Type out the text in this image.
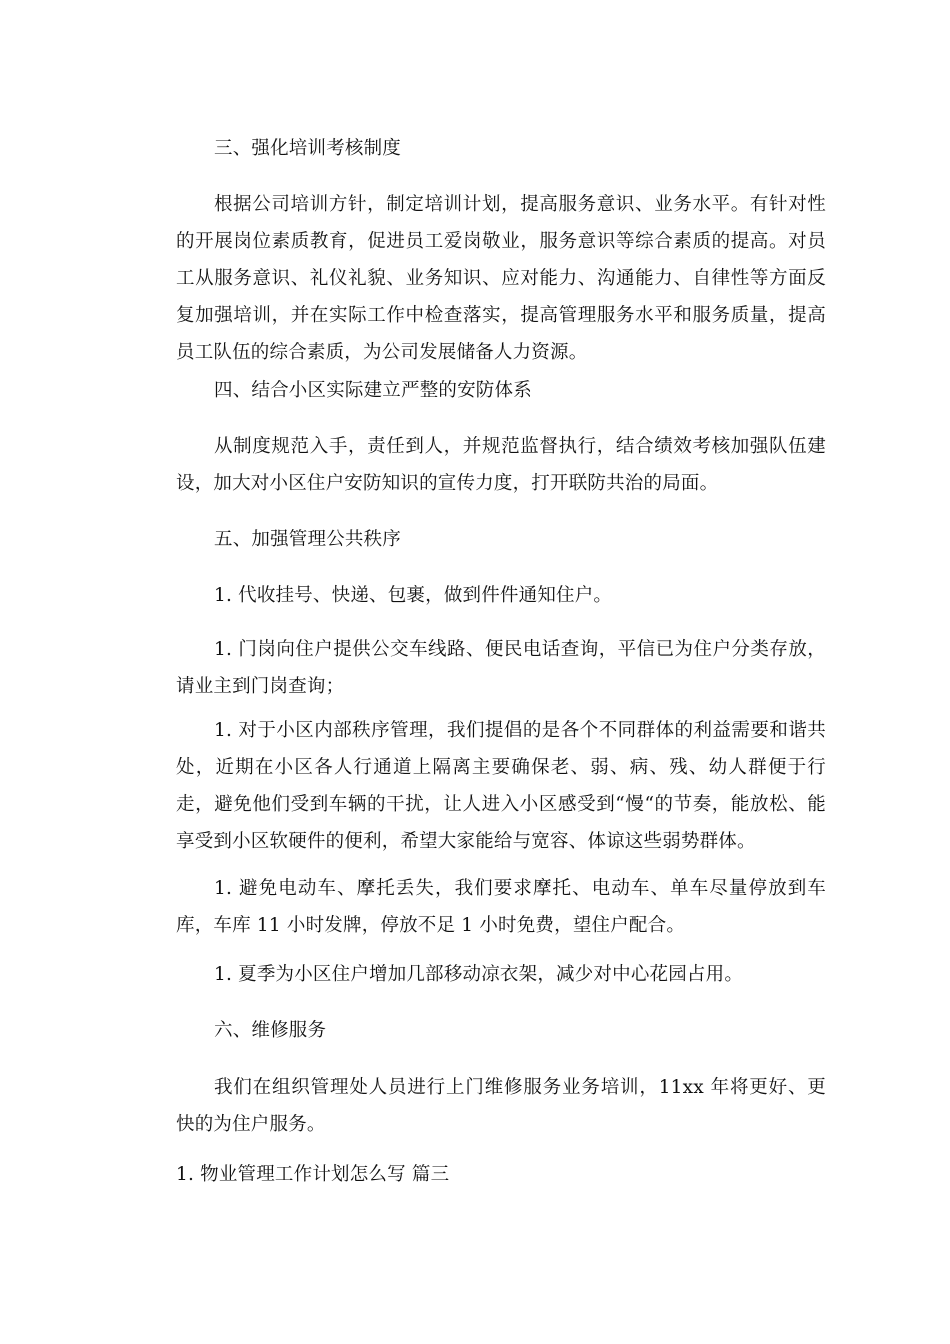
三、强化培训考核制度
根据公司培训方针，制定培训计划，提高服务意识、业务水平。有针对性的开展岗位素质教育，促进员工爱岗敬业，服务意识等综合素质的提高。对员工从服务意识、礼仪礼貌、业务知识、应对能力、沟通能力、自律性等方面反复加强培训，并在实际工作中检查落实，提高管理服务水平和服务质量，提高员工队伍的综合素质，为公司发展储备人力资源。
四、结合小区实际建立严整的安防体系
从制度规范入手，责任到人，并规范监督执行，结合绩效考核加强队伍建设，加大对小区住户安防知识的宣传力度，打开联防共治的局面。
五、加强管理公共秩序
1. 代收挂号、快递、包裹，做到件件通知住户。
1. 门岗向住户提供公交车线路、便民电话查询，平信已为住户分类存放，请业主到门岗查询；
1. 对于小区内部秩序管理，我们提倡的是各个不同群体的利益需要和谐共处，近期在小区各人行通道上隔离主要确保老、弱、病、残、幼人群便于行走，避免他们受到车辆的干扰，让人进入小区感受到“慢“的节奏，能放松、能享受到小区软硬件的便利，希望大家能给与宽容、体谅这些弱势群体。
1. 避免电动车、摩托丢失，我们要求摩托、电动车、单车尽量停放到车库，车库 11 小时发牌，停放不足 1 小时免费，望住户配合。
1. 夏季为小区住户增加几部移动凉衣架，减少对中心花园占用。
六、维修服务
我们在组织管理处人员进行上门维修服务业务培训，11xx 年将更好、更快的为住户服务。
1. 物业管理工作计划怎么写 篇三
